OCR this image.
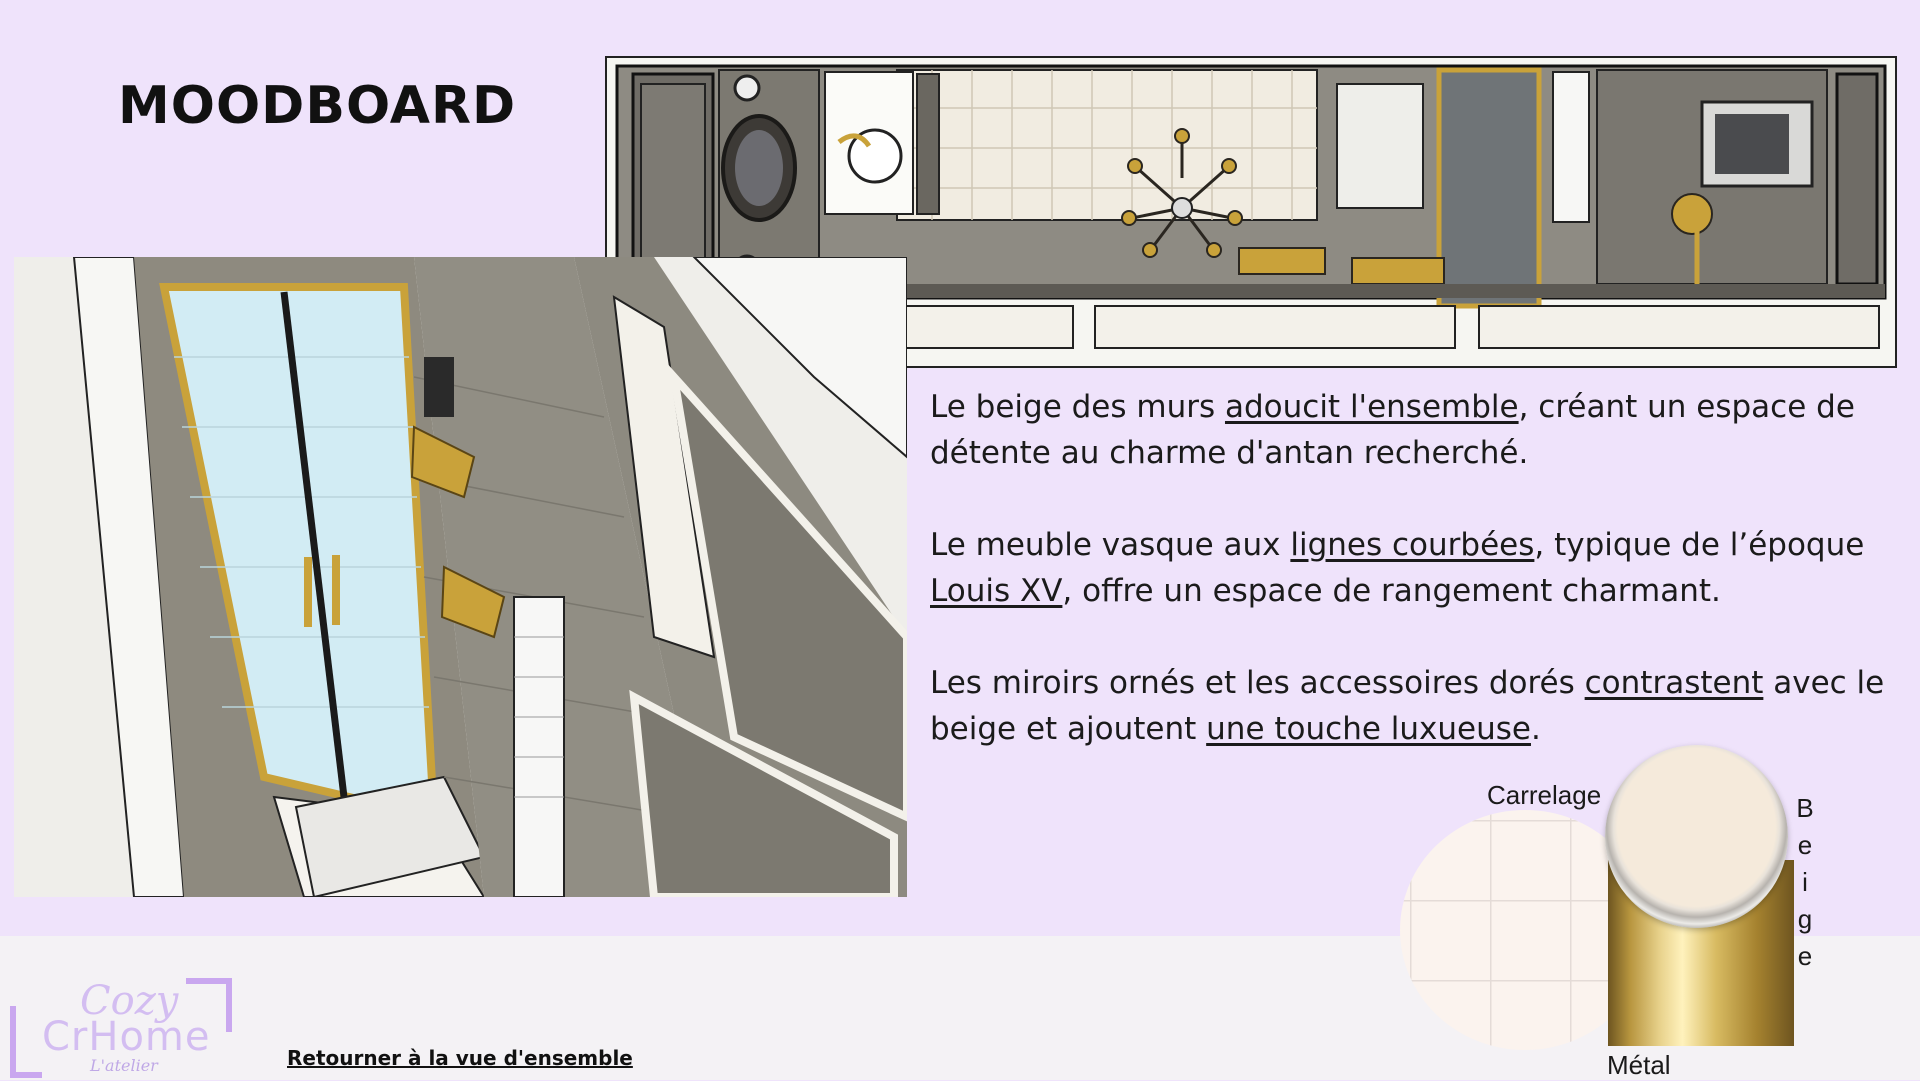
MOODBOARD
Le beige des murs adoucit l'ensemble, créant un espace de détente au charme d'antan recherché.
Le meuble vasque aux lignes courbées, typique de l’époque Louis XV, offre un espace de rangement charmant.
Les miroirs ornés et les accessoires dorés contrastent avec le beige et ajoutent une touche luxueuse.
Carrelage
Métal
B
e
i
g
e
Cozy
CrHome
L'atelier	Retourner à la vue d'ensemble
